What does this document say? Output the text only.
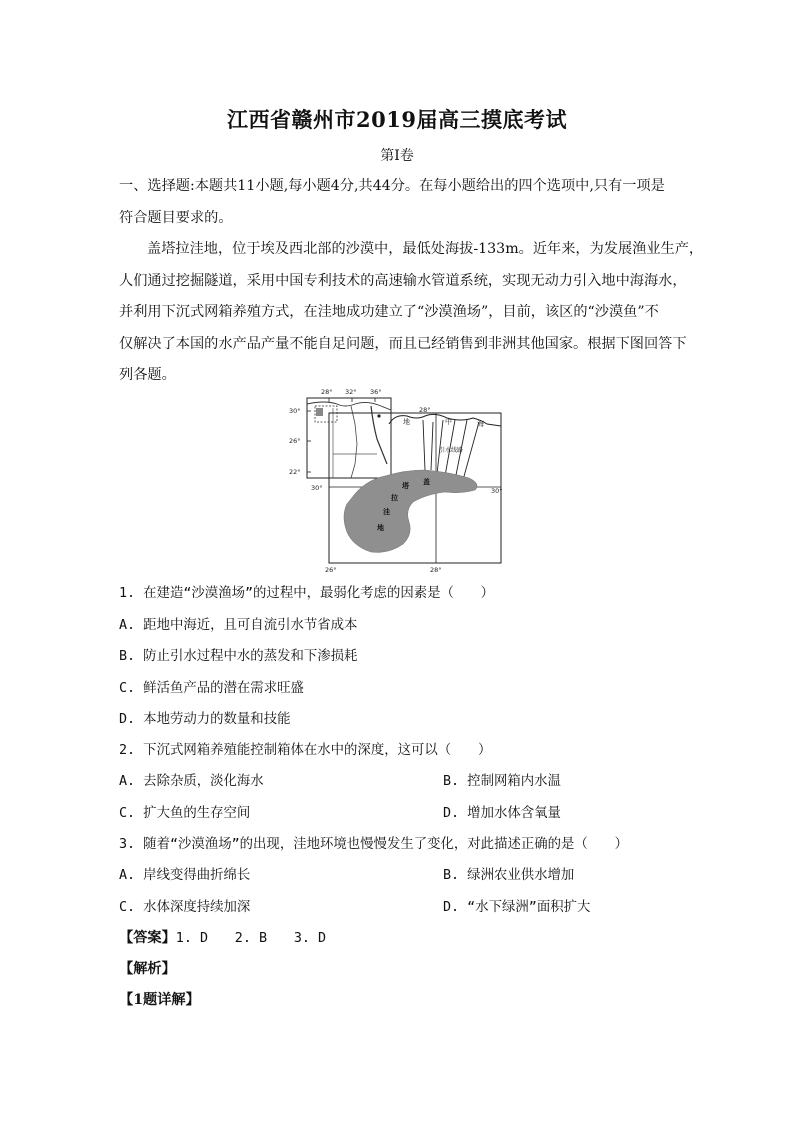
江西省赣州市2019届高三摸底考试
第Ⅰ卷
一、选择题:本题共11小题,每小题4分,共44分。在每小题给出的四个选项中,只有一项是
符合题目要求的。
盖塔拉洼地，位于埃及西北部的沙漠中，最低处海拔-133m。近年来，为发展渔业生产，
人们通过挖掘隧道，采用中国专利技术的高速输水管道系统，实现无动力引入地中海海水，
并利用下沉式网箱养殖方式，在洼地成功建立了“沙漠渔场”，目前，该区的“沙漠鱼”不
仅解决了本国的水产品产量不能自足问题，而且已经销售到非洲其他国家。根据下图回答下
列各题。
28° 32° 36°
30°
26°
22°
28°
30°	30°
26°	28°
地	中	海
引水线路
盖
塔
拉
洼
地
1. 在建造“沙漠渔场”的过程中，最弱化考虑的因素是（　　）
A. 距地中海近，且可自流引水节省成本
B. 防止引水过程中水的蒸发和下渗损耗
C. 鲜活鱼产品的潜在需求旺盛
D. 本地劳动力的数量和技能
2. 下沉式网箱养殖能控制箱体在水中的深度，这可以（　　）
A. 去除杂质，淡化海水	B. 控制网箱内水温
C. 扩大鱼的生存空间	D. 增加水体含氧量
3. 随着“沙漠渔场”的出现，洼地环境也慢慢发生了变化，对此描述正确的是（　　）
A. 岸线变得曲折绵长	B. 绿洲农业供水增加
C. 水体深度持续加深	D. “水下绿洲”面积扩大
【答案】1. D　　2. B　　3. D
【解析】
【1题详解】
